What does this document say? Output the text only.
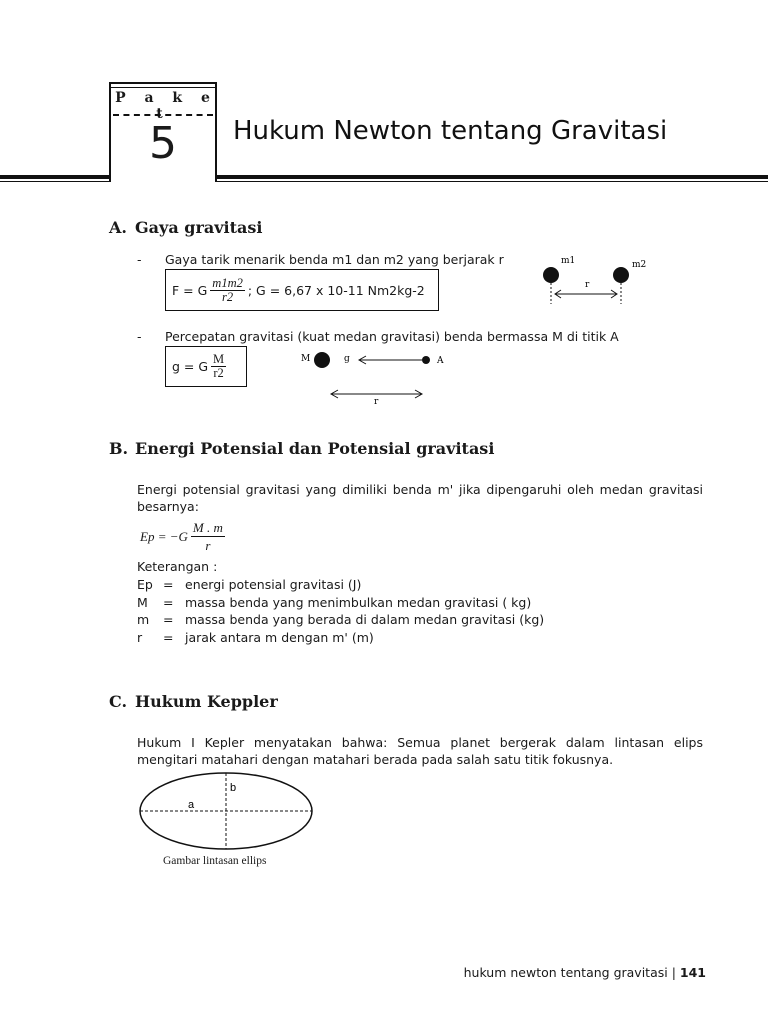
P a k e t
5	Hukum Newton tentang Gravitasi
A. Gaya gravitasi
- Gaya tarik menarik benda m1 dan m2 yang berjarak r
F = G $\frac{m1m2}{r2}$ ; G = 6,67 x 10-11 Nm2kg-2
m1	m2
r
- Percepatan gravitasi (kuat medan gravitasi) benda bermassa M di titik A
g = G $\frac{M}{r2}$	M	g	A
r
B. Energi Potensial dan Potensial gravitasi
Energi potensial gravitasi yang dimiliki benda m' jika dipengaruhi oleh medan gravitasi
besarnya:
$Ep = -G \frac{M . m}{r}$
Keterangan :
Ep = energi potensial gravitasi (J)
M	= massa benda yang menimbulkan medan gravitasi ( kg)
m	= massa benda yang berada di dalam medan gravitasi (kg)
r	= jarak antara m dengan m' (m)
C. Hukum Keppler
Hukum I Kepler menyatakan bahwa: Semua planet bergerak dalam lintasan elips
mengitari matahari dengan matahari berada pada salah satu titik fokusnya.
a
b
Gambar lintasan ellips
hukum newton tentang gravitasi | 141
